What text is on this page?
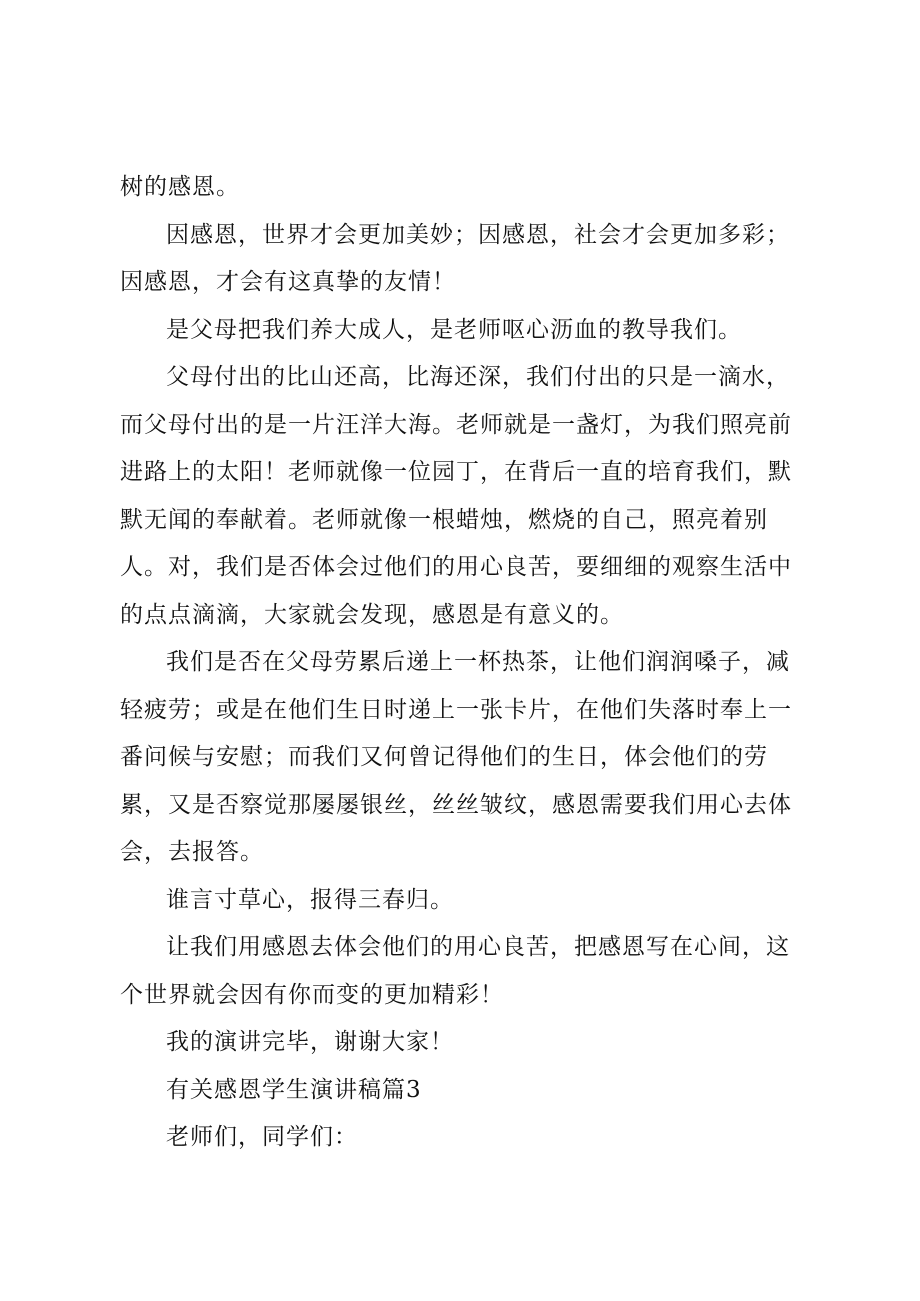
树的感恩。

因感恩，世界才会更加美妙；因感恩，社会才会更加多彩；因感恩，才会有这真挚的友情！

是父母把我们养大成人，是老师呕心沥血的教导我们。

父母付出的比山还高，比海还深，我们付出的只是一滴水，而父母付出的是一片汪洋大海。老师就是一盏灯，为我们照亮前进路上的太阳！老师就像一位园丁，在背后一直的培育我们，默默无闻的奉献着。老师就像一根蜡烛，燃烧的自己，照亮着别人。对，我们是否体会过他们的用心良苦，要细细的观察生活中的点点滴滴，大家就会发现，感恩是有意义的。

我们是否在父母劳累后递上一杯热茶，让他们润润嗓子，减轻疲劳；或是在他们生日时递上一张卡片，在他们失落时奉上一番问候与安慰；而我们又何曾记得他们的生日，体会他们的劳累，又是否察觉那屡屡银丝，丝丝皱纹，感恩需要我们用心去体会，去报答。

谁言寸草心，报得三春归。

让我们用感恩去体会他们的用心良苦，把感恩写在心间，这个世界就会因有你而变的更加精彩！

我的演讲完毕，谢谢大家！

有关感恩学生演讲稿篇3

老师们，同学们：
